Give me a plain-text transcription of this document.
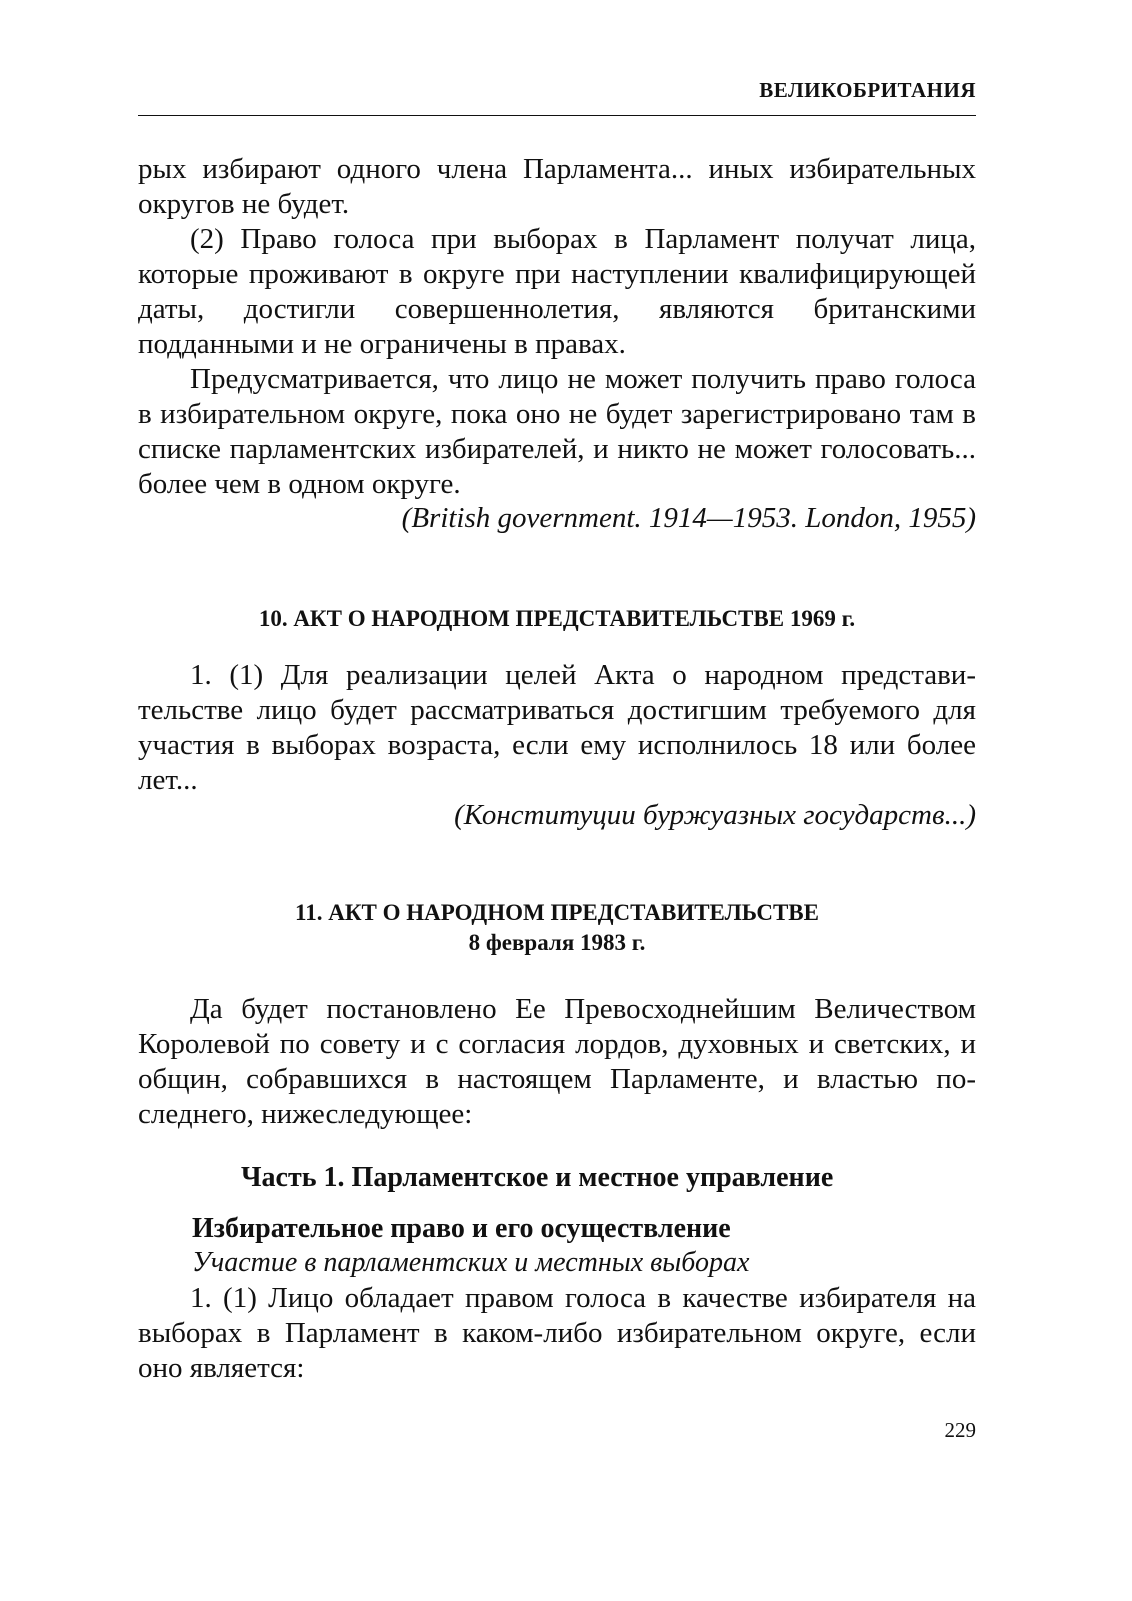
ВЕЛИКОБРИТАНИЯ

рых избирают одного члена Парламента... иных избирательных округов не будет.

(2) Право голоса при выборах в Парламент получат лица, которые проживают в округе при наступлении квалифицирующей даты, достигли совершеннолетия, являются британскими подданными и не ограничены в правах.

Предусматривается, что лицо не может получить право голоса в избирательном округе, пока оно не будет зарегистрировано там в списке парламентских избирателей, и никто не может голосовать... более чем в одном округе.

(British government. 1914—1953. London, 1955)
10. АКТ О НАРОДНОМ ПРЕДСТАВИТЕЛЬСТВЕ 1969 г.

1. (1) Для реализации целей Акта о народном представительстве лицо будет рассматриваться достигшим требуемого для участия в выборах возраста, если ему исполнилось 18 или более лет...

(Конституции буржуазных государств...)
11. АКТ О НАРОДНОМ ПРЕДСТАВИТЕЛЬСТВЕ
8 февраля 1983 г.

Да будет постановлено Ее Превосходнейшим Величеством Королевой по совету и с согласия лордов, духовных и светских, и общин, собравшихся в настоящем Парламенте, и властью последнего, нижеследующее:

Часть 1. Парламентское и местное управление
Избирательное право и его осуществление
Участие в парламентских и местных выборах

1. (1) Лицо обладает правом голоса в качестве избирателя на выборах в Парламент в каком-либо избирательном округе, если оно является:

229
